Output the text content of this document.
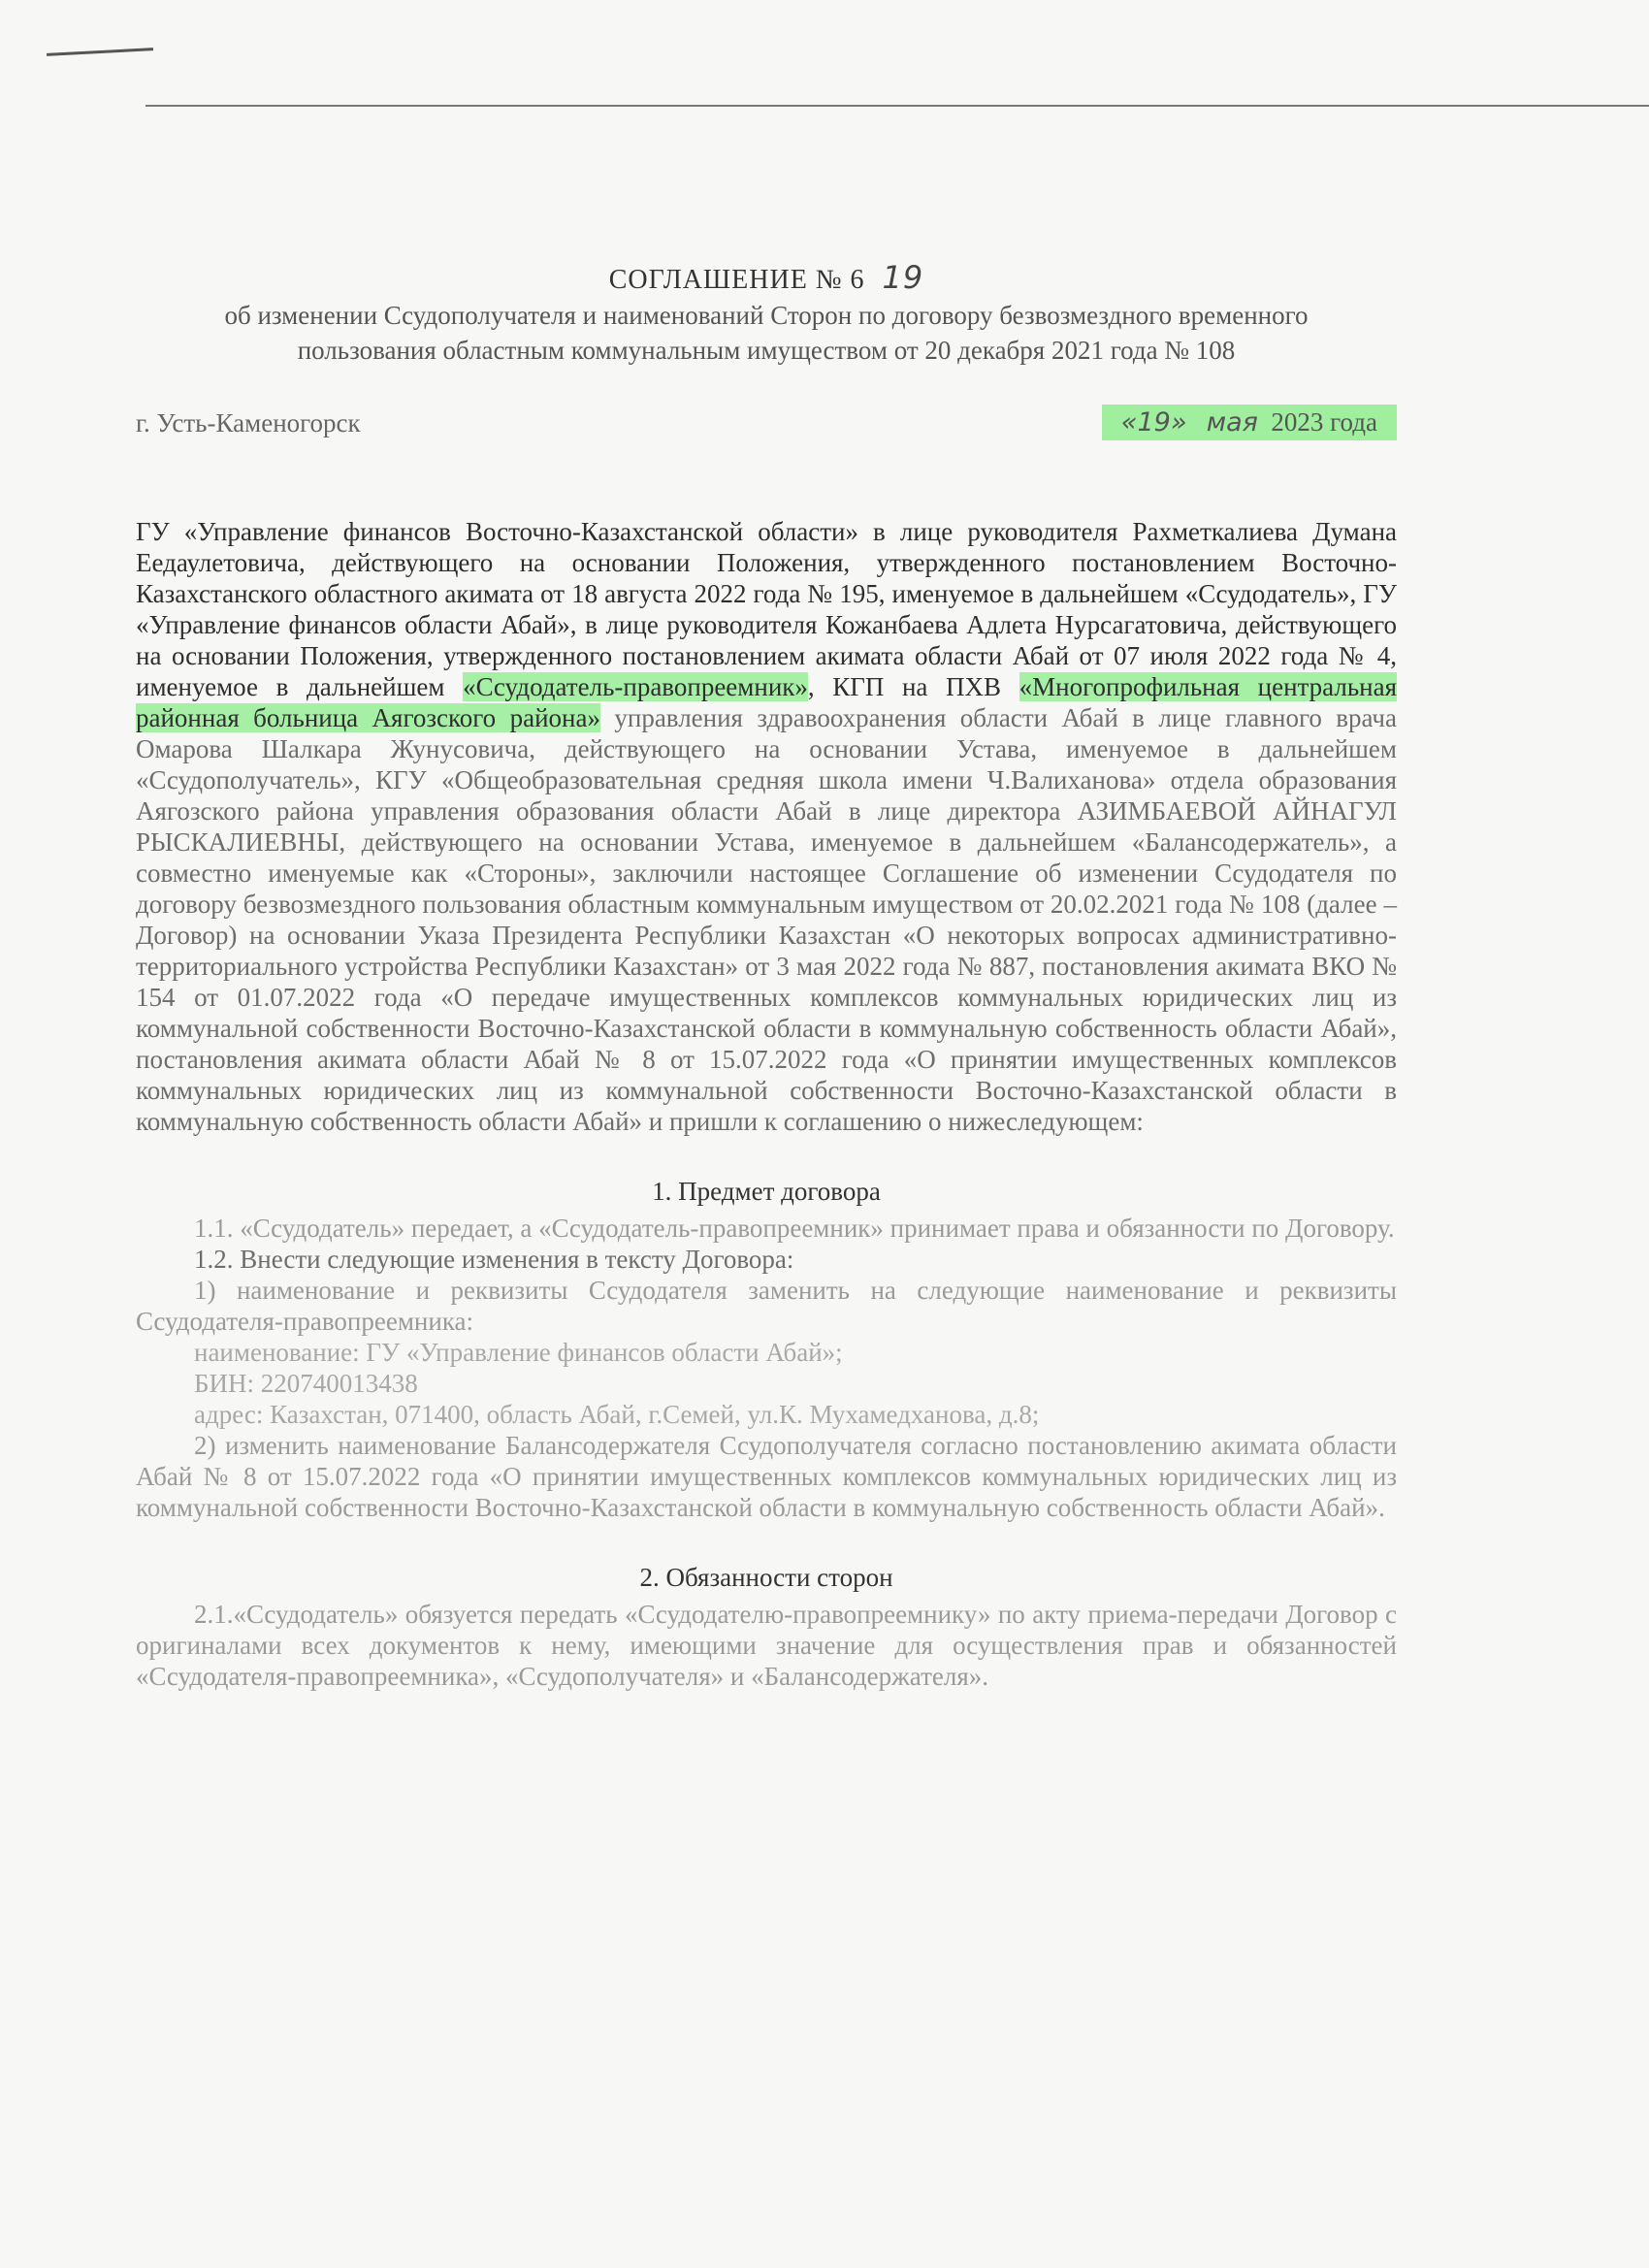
СОГЛАШЕНИЕ № 6 19

об изменении Ссудополучателя и наименований Сторон по договору безвозмездного временного

пользования областным коммунальным имуществом от 20 декабря 2021 года № 108

г. Усть-Каменогорск	«19» мая 2023 года

ГУ «Управление финансов Восточно-Казахстанской области» в лице руководителя Рахметкалиева Думана Еедаулетовича, действующего на основании Положения, утвержденного постановлением Восточно-Казахстанского областного акимата от 18 августа 2022 года № 195, именуемое в дальнейшем «Ссудодатель», ГУ «Управление финансов области Абай», в лице руководителя Кожанбаева Адлета Нурсагатовича, действующего на основании Положения, утвержденного постановлением акимата области Абай от 07 июля 2022 года № 4, именуемое в дальнейшем «Ссудодатель-правопреемник», КГП на ПХВ «Многопрофильная центральная районная больница Аягозского района» управления здравоохранения области Абай в лице главного врача Омарова Шалкара Жунусовича, действующего на основании Устава, именуемое в дальнейшем «Ссудополучатель», КГУ «Общеобразовательная средняя школа имени Ч.Валиханова» отдела образования Аягозского района управления образования области Абай в лице директора АЗИМБАЕВОЙ АЙНАГУЛ РЫСКАЛИЕВНЫ, действующего на основании Устава, именуемое в дальнейшем «Балансодержатель», а совместно именуемые как «Стороны», заключили настоящее Соглашение об изменении Ссудодателя по договору безвозмездного пользования областным коммунальным имуществом от 20.02.2021 года № 108 (далее – Договор) на основании Указа Президента Республики Казахстан «О некоторых вопросах административно-территориального устройства Республики Казахстан» от 3 мая 2022 года № 887, постановления акимата ВКО № 154 от 01.07.2022 года «О передаче имущественных комплексов коммунальных юридических лиц из коммунальной собственности Восточно-Казахстанской области в коммунальную собственность области Абай», постановления акимата области Абай № 8 от 15.07.2022 года «О принятии имущественных комплексов коммунальных юридических лиц из коммунальной собственности Восточно-Казахстанской области в коммунальную собственность области Абай» и пришли к соглашению о нижеследующем:

1. Предмет договора

1.1. «Ссудодатель» передает, а «Ссудодатель-правопреемник» принимает права и обязанности по Договору.

1.2. Внести следующие изменения в тексту Договора:

1) наименование и реквизиты Ссудодателя заменить на следующие наименование и реквизиты Ссудодателя-правопреемника:

наименование: ГУ «Управление финансов области Абай»;

БИН: 220740013438

адрес: Казахстан, 071400, область Абай, г.Семей, ул.К. Мухамедханова, д.8;

2) изменить наименование Балансодержателя Ссудополучателя согласно постановлению акимата области Абай № 8 от 15.07.2022 года «О принятии имущественных комплексов коммунальных юридических лиц из коммунальной собственности Восточно-Казахстанской области в коммунальную собственность области Абай».

2. Обязанности сторон

2.1.«Ссудодатель» обязуется передать «Ссудодателю-правопреемнику» по акту приема-передачи Договор с оригиналами всех документов к нему, имеющими значение для осуществления прав и обязанностей «Ссудодателя-правопреемника», «Ссудополучателя» и «Балансодержателя».
